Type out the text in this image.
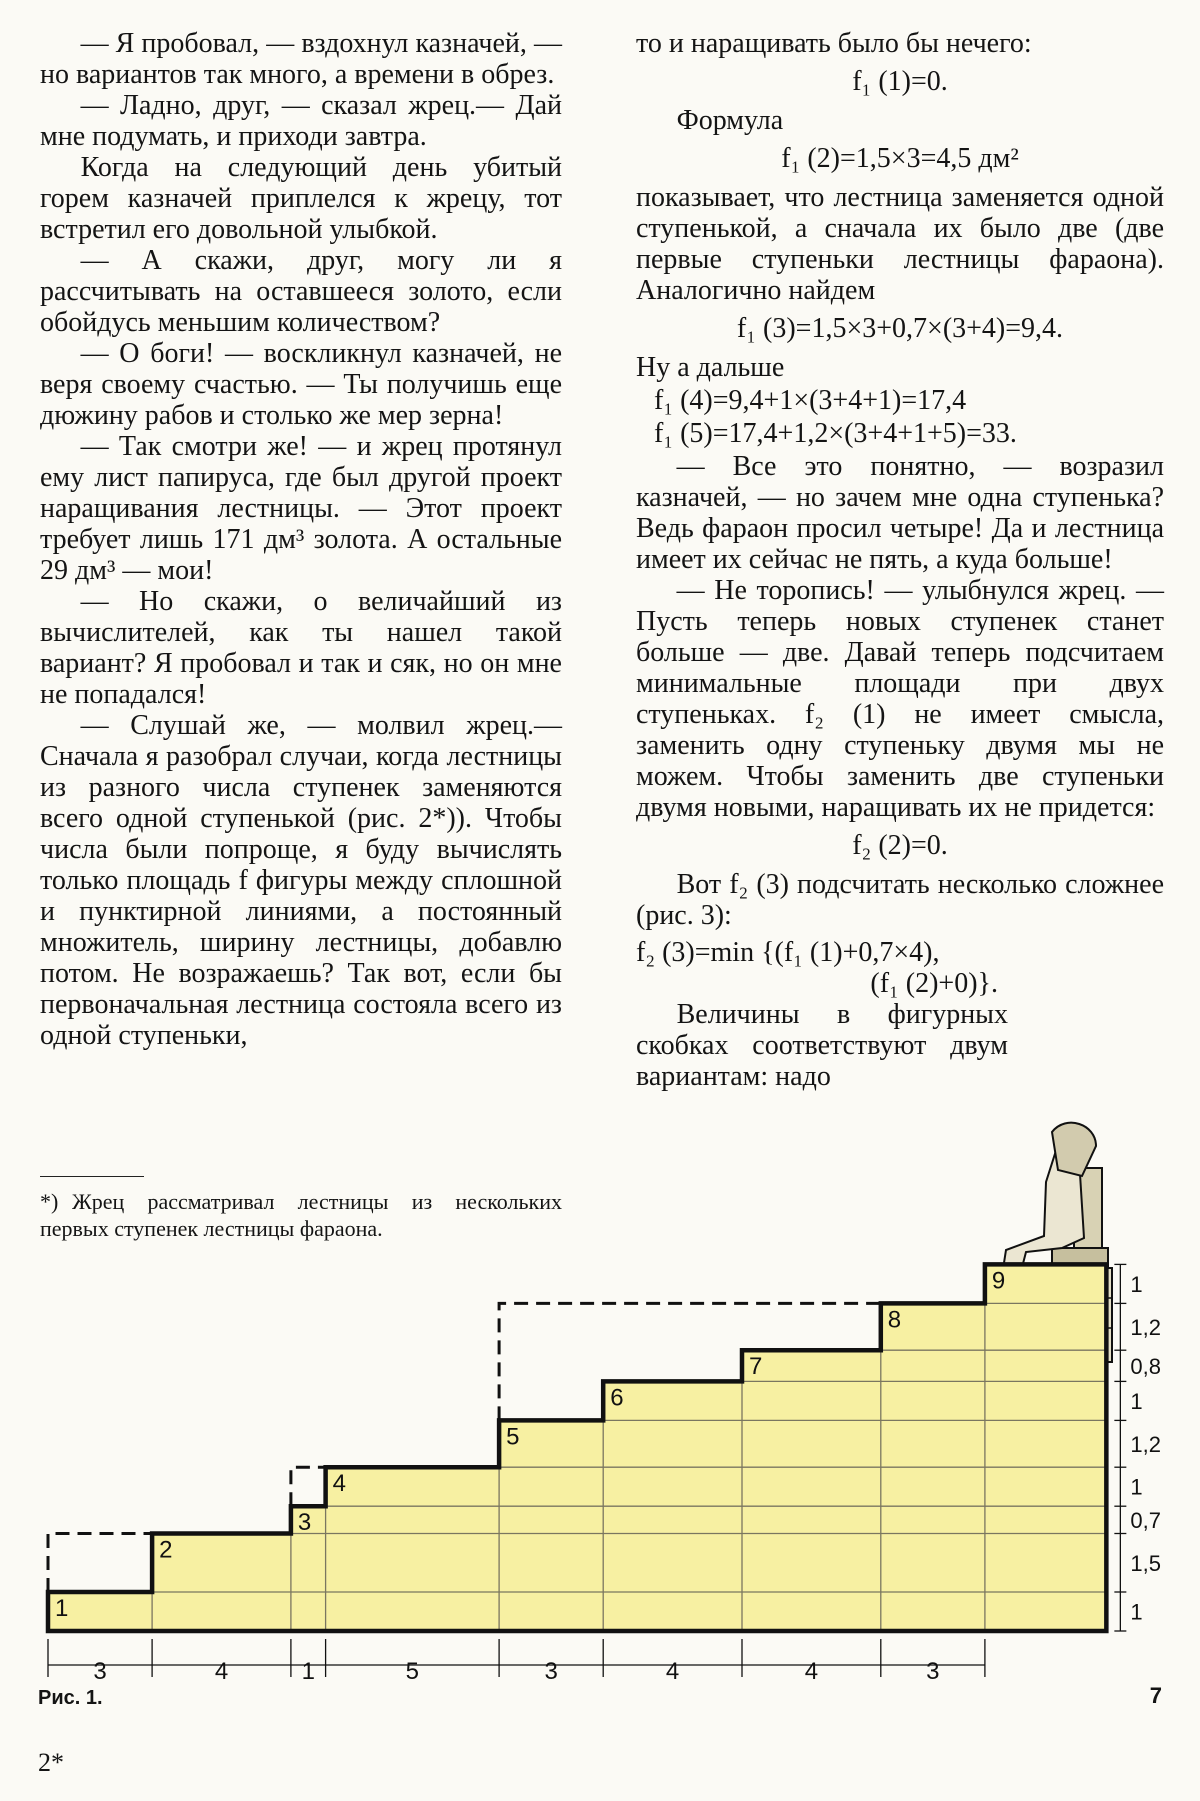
— Я пробовал, — вздохнул казначей, — но вариантов так много, а времени в обрез.

— Ладно, друг, — сказал жрец.— Дай мне подумать, и приходи завтра.

Когда на следующий день убитый горем казначей приплелся к жрецу, тот встретил его довольной улыбкой.

— А скажи, друг, могу ли я рассчитывать на оставшееся золото, если обойдусь меньшим количеством?

— О боги! — воскликнул казначей, не веря своему счастью. — Ты получишь еще дюжину рабов и столько же мер зерна!

— Так смотри же! — и жрец протянул ему лист папируса, где был другой проект наращивания лестницы. — Этот проект требует лишь 171 дм³ золота. А остальные 29 дм³ — мои!

— Но скажи, о величайший из вычислителей, как ты нашел такой вариант? Я пробовал и так и сяк, но он мне не попадался!

— Слушай же, — молвил жрец.— Сначала я разобрал случаи, когда лестницы из разного числа ступенек заменяются всего одной ступенькой (рис. 2*)). Чтобы числа были попроще, я буду вычислять только площадь f фигуры между сплошной и пунктирной линиями, а постоянный множитель, ширину лестницы, добавлю потом. Не возражаешь? Так вот, если бы первоначальная лестница состояла всего из одной ступеньки,

то и наращивать было бы нечего:

f₁ (1)=0.

Формула

f₁ (2)=1,5×3=4,5 дм²

показывает, что лестница заменяется одной ступенькой, а сначала их было две (две первые ступеньки лестницы фараона). Аналогично найдем

f₁ (3)=1,5×3+0,7×(3+4)=9,4.

Ну а дальше

f₁ (4)=9,4+1×(3+4+1)=17,4

f₁ (5)=17,4+1,2×(3+4+1+5)=33.

— Все это понятно, — возразил казначей, — но зачем мне одна ступенька? Ведь фараон просил четыре! Да и лестница имеет их сейчас не пять, а куда больше!

— Не торопись! — улыбнулся жрец. — Пусть теперь новых ступенек станет больше — две. Давай теперь подсчитаем минимальные площади при двух ступеньках. f₂ (1) не имеет смысла, заменить одну ступеньку двумя мы не можем. Чтобы заменить две ступеньки двумя новыми, наращивать их не придется:

f₂ (2)=0.

Вот f₂ (3) подсчитать несколько сложнее (рис. 3):

f₂ (3)=min {(f₁ (1)+0,7×4),

(f₁ (2)+0)}.

Величины в фигурных скобках соответствуют двум вариантам: надо

*) Жрец рассматривал лестницы из нескольких первых ступенек лестницы фараона.
1
2
3
4
5
6
7
8
9
3	4	1	5	3	4	4	3
1
1,5
0,7
1
1,2
1
0,8
1,2
1
Рис. 1.	7
2*
